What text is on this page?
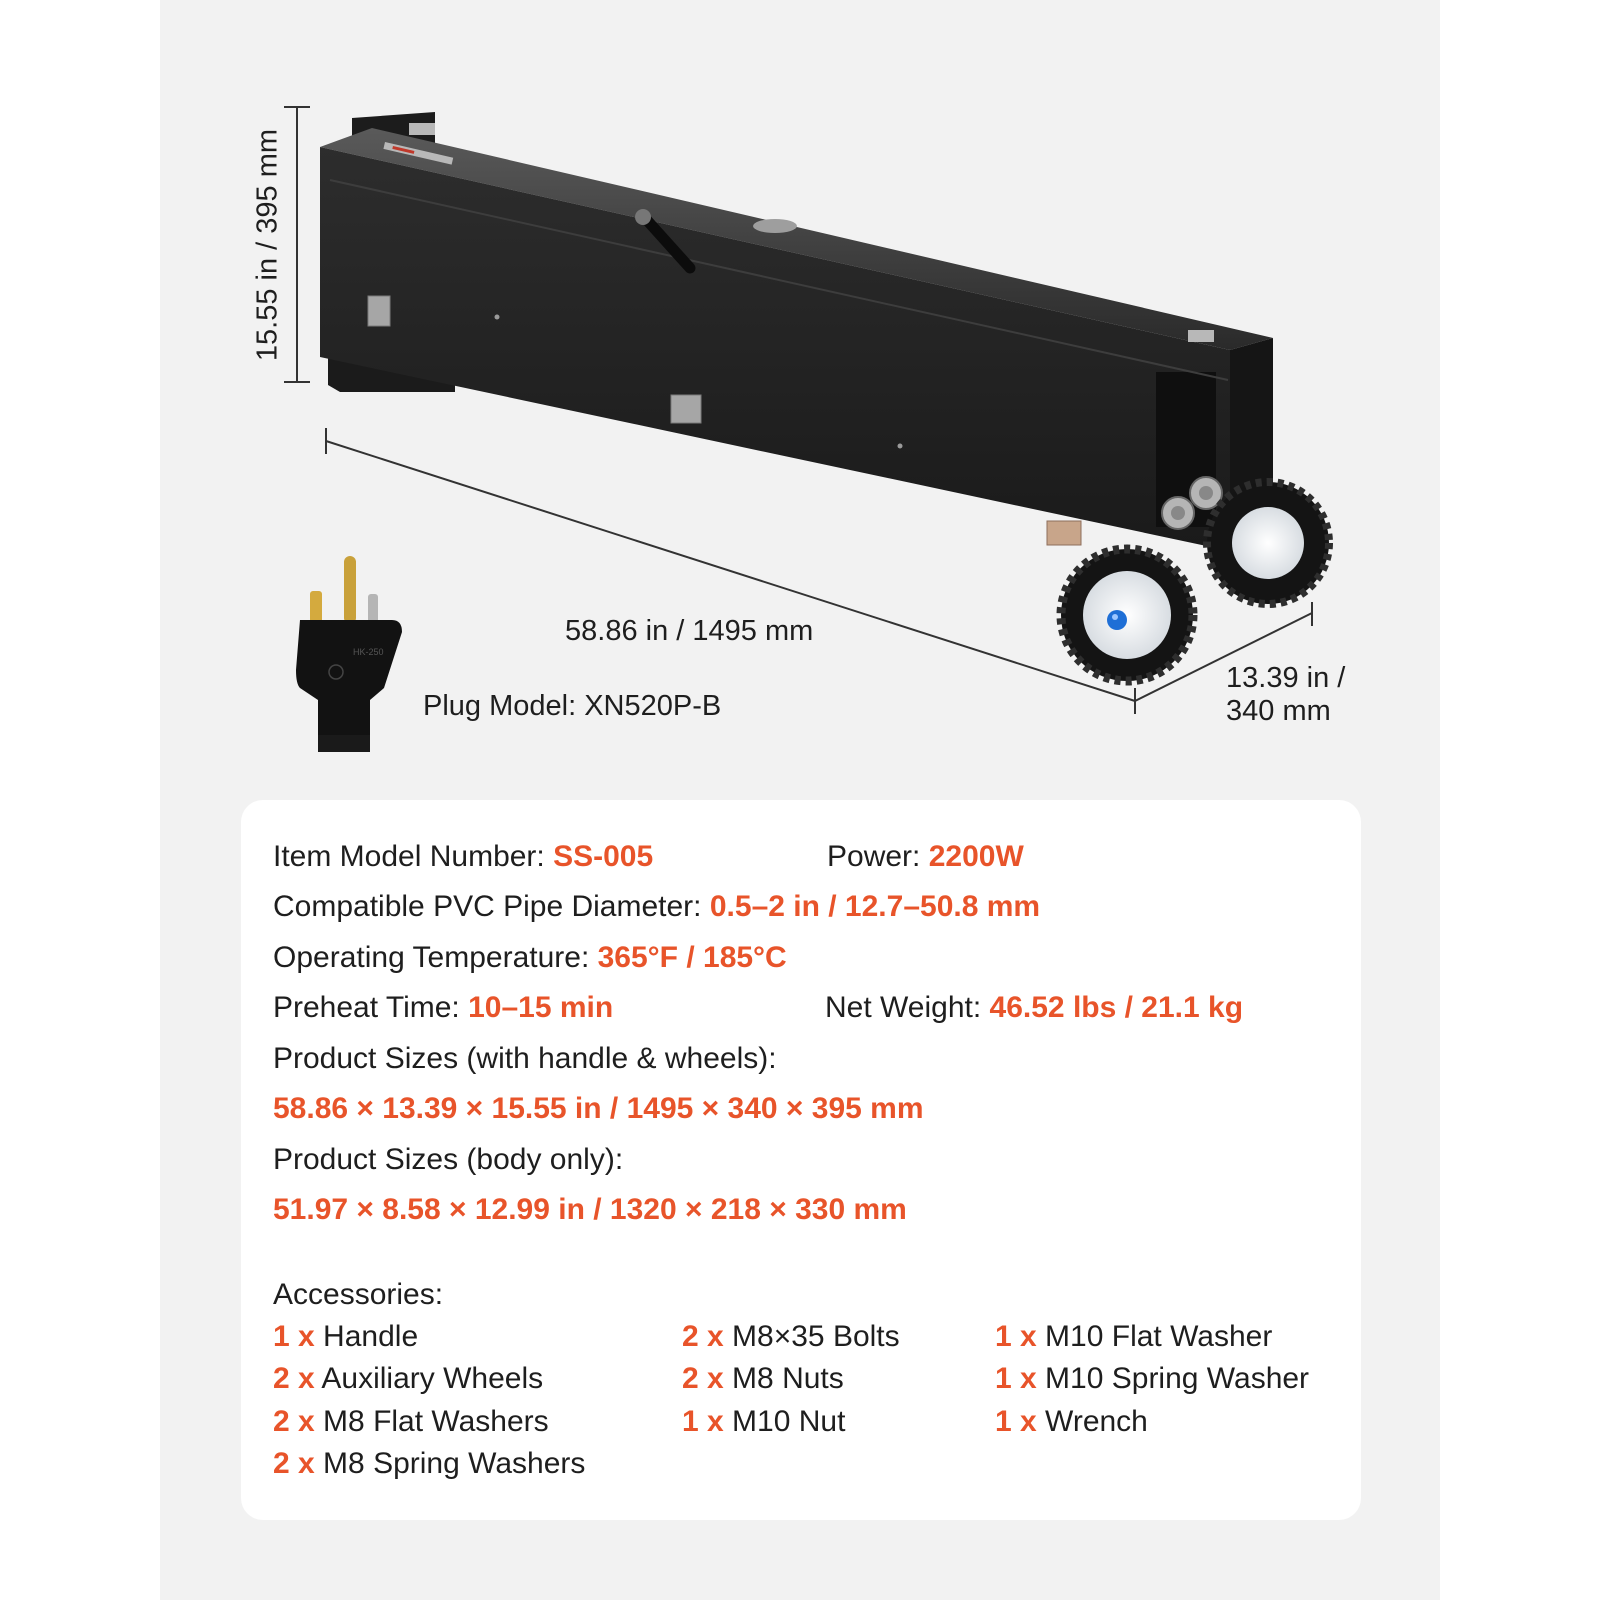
HK-250
15.55 in / 395 mm
58.86 in / 1495 mm
13.39 in /
340 mm
Plug Model: XN520P-B
Item Model Number: SS-005	Power: 2200W
Compatible PVC Pipe Diameter: 0.5–2 in / 12.7–50.8 mm
Operating Temperature: 365°F / 185°C
Preheat Time: 10–15 min	Net Weight: 46.52 lbs / 21.1 kg
Product Sizes (with handle & wheels):
58.86 × 13.39 × 15.55 in / 1495 × 340 × 395 mm
Product Sizes (body only):
51.97 × 8.58 × 12.99 in / 1320 × 218 × 330 mm
Accessories:
1 x Handle
2 x Auxiliary Wheels
2 x M8 Flat Washers
2 x M8 Spring Washers
2 x M8×35 Bolts
2 x M8 Nuts
1 x M10 Nut
1 x M10 Flat Washer
1 x M10 Spring Washer
1 x Wrench
